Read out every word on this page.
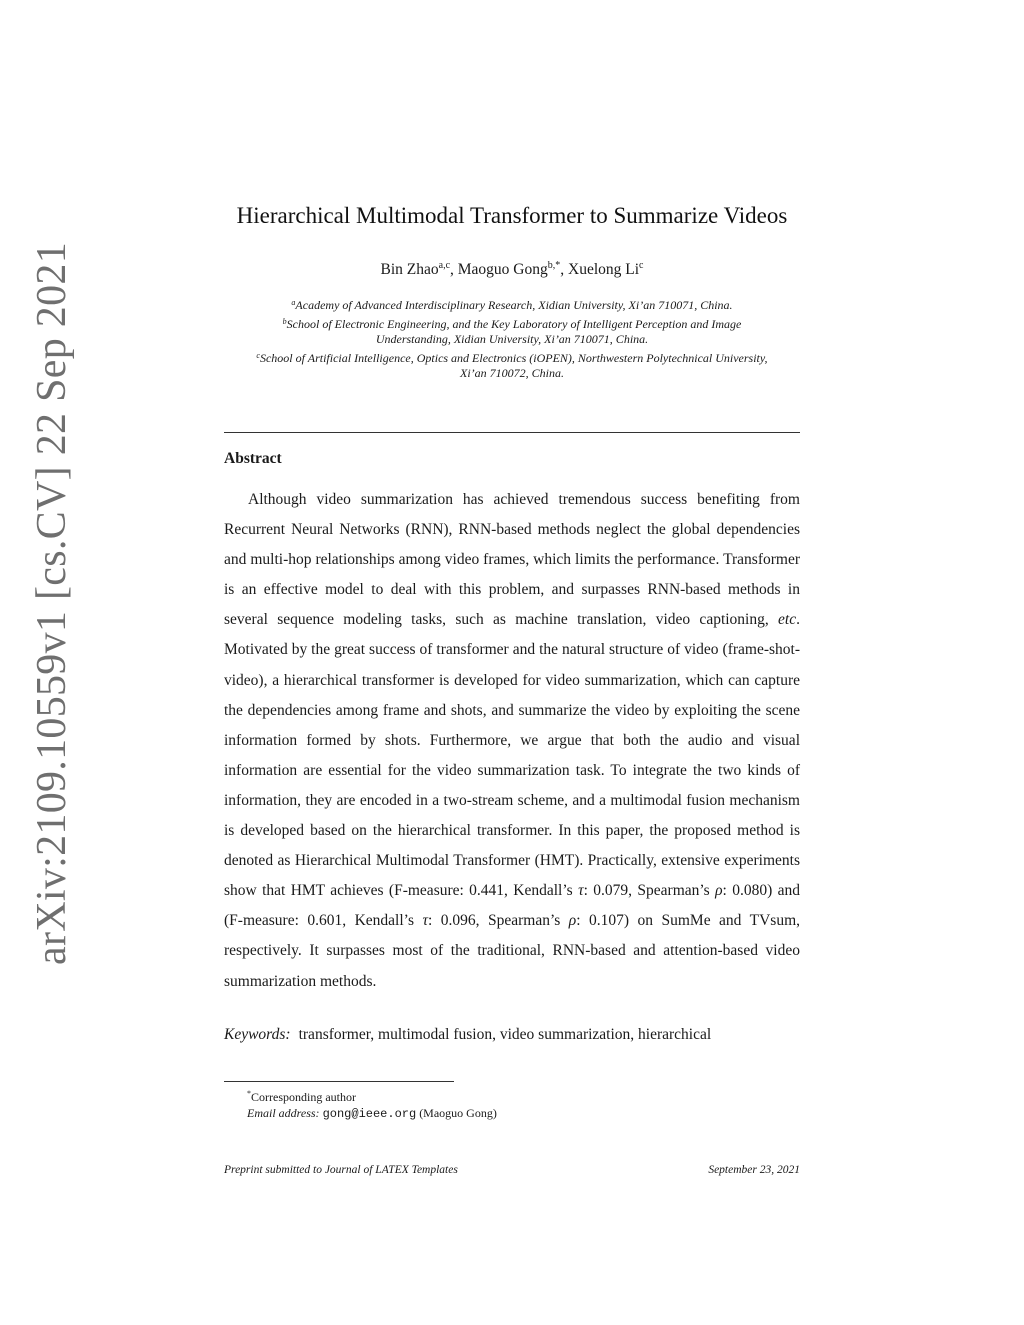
arXiv:2109.10559v1 [cs.CV] 22 Sep 2021
Hierarchical Multimodal Transformer to Summarize Videos
Bin Zhao$^{a,c}$, Maoguo Gong$^{b,*}$, Xuelong Li$^c$
$^a$Academy of Advanced Interdisciplinary Research, Xidian University, Xi’an 710071, China.
$^b$School of Electronic Engineering, and the Key Laboratory of Intelligent Perception and Image
Understanding, Xidian University, Xi’an 710071, China.
$^c$School of Artificial Intelligence, Optics and Electronics (iOPEN), Northwestern Polytechnical University,
Xi’an 710072, China.
Abstract

Although video summarization has achieved tremendous success benefiting from Recurrent Neural Networks (RNN), RNN-based methods neglect the global dependencies and multi-hop relationships among video frames, which limits the performance. Transformer is an effective model to deal with this problem, and surpasses RNN-based methods in several sequence modeling tasks, such as machine translation, video captioning, etc. Motivated by the great success of transformer and the natural structure of video (frame-shot-video), a hierarchical transformer is developed for video summarization, which can capture the dependencies among frame and shots, and summarize the video by exploiting the scene information formed by shots. Furthermore, we argue that both the audio and visual information are essential for the video summarization task. To integrate the two kinds of information, they are encoded in a two-stream scheme, and a multimodal fusion mechanism is developed based on the hierarchical transformer. In this paper, the proposed method is denoted as Hierarchical Multimodal Transformer (HMT). Practically, extensive experiments show that HMT achieves (F-measure: 0.441, Kendall’s τ: 0.079, Spearman’s ρ: 0.080) and (F-measure: 0.601, Kendall’s τ: 0.096, Spearman’s ρ: 0.107) on SumMe and TVsum, respectively. It surpasses most of the traditional, RNN-based and attention-based video summarization methods.

Keywords: transformer, multimodal fusion, video summarization, hierarchical
*Corresponding author
Email address: gong@ieee.org (Maoguo Gong)
Preprint submitted to Journal of LATEX Templates	September 23, 2021
